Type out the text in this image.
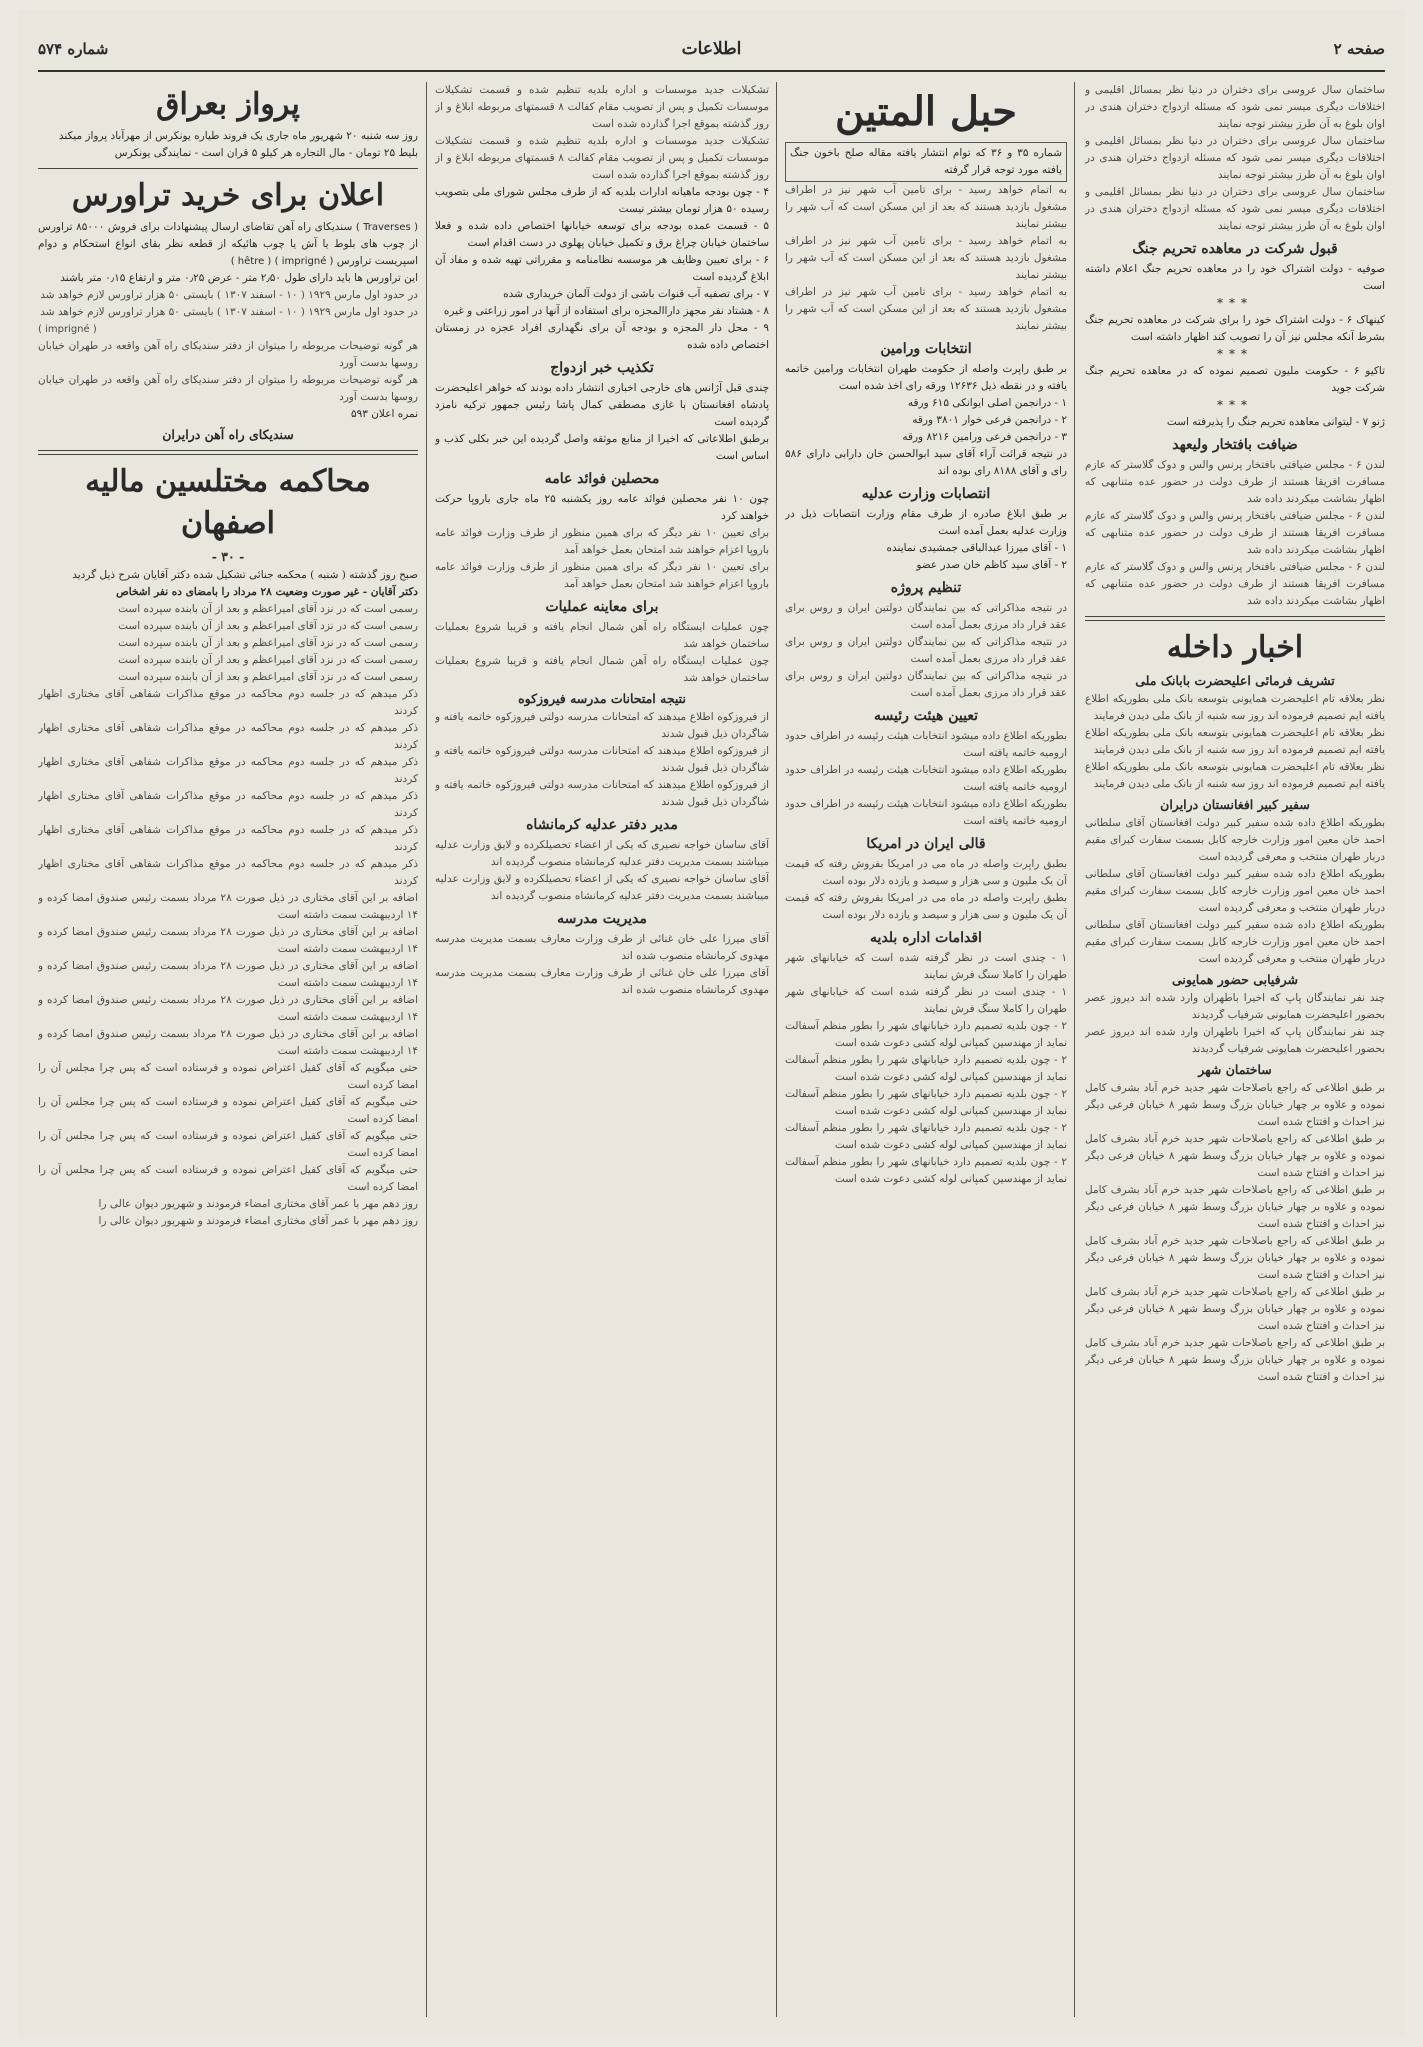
صفحه ۲
اطلاعات
شماره ۵۷۴
ساختمان سال عروسی برای دختران در دنیا نظر بمسائل اقلیمی و اختلافات دیگری میسر نمی شود که مسئله ازدواج دختران هندی در اوان بلوغ به آن طرز بیشتر توجه نمایند
ساختمان سال عروسی برای دختران در دنیا نظر بمسائل اقلیمی و اختلافات دیگری میسر نمی شود که مسئله ازدواج دختران هندی در اوان بلوغ به آن طرز بیشتر توجه نمایند
ساختمان سال عروسی برای دختران در دنیا نظر بمسائل اقلیمی و اختلافات دیگری میسر نمی شود که مسئله ازدواج دختران هندی در اوان بلوغ به آن طرز بیشتر توجه نمایند
قبول شرکت در معاهده تحریم جنگ
صوفیه - دولت اشتراک خود را در معاهده تحریم جنگ اعلام داشته است
***
کینهاک ۶ - دولت اشتراک خود را برای شرکت در معاهده تحریم جنگ بشرط آنکه مجلس نیز آن را تصویب کند اظهار داشته است
***
تاکیو ۶ - حکومت ملیون تصمیم نموده که در معاهده تحریم جنگ شرکت جوید
***
ژنو ۷ - لیتوانی معاهده تحریم جنگ را پذیرفته است
ضیافت بافتخار ولیعهد
لندن ۶ - مجلس ضیافتی بافتخار پرنس والس و دوک گلاستر که عازم مسافرت افریقا هستند از طرف دولت در حضور عده متنابهی که اظهار بشاشت میکردند داده شد
لندن ۶ - مجلس ضیافتی بافتخار پرنس والس و دوک گلاستر که عازم مسافرت افریقا هستند از طرف دولت در حضور عده متنابهی که اظهار بشاشت میکردند داده شد
لندن ۶ - مجلس ضیافتی بافتخار پرنس والس و دوک گلاستر که عازم مسافرت افریقا هستند از طرف دولت در حضور عده متنابهی که اظهار بشاشت میکردند داده شد
اخبار داخله
تشریف فرمائی اعلیحضرت بابانک ملی
نظر بعلاقه تام اعلیحضرت همایونی بتوسعه بانک ملی بطوریکه اطلاع یافته ایم تصمیم فرموده اند روز سه شنبه از بانک ملی دیدن فرمایند
نظر بعلاقه تام اعلیحضرت همایونی بتوسعه بانک ملی بطوریکه اطلاع یافته ایم تصمیم فرموده اند روز سه شنبه از بانک ملی دیدن فرمایند
نظر بعلاقه تام اعلیحضرت همایونی بتوسعه بانک ملی بطوریکه اطلاع یافته ایم تصمیم فرموده اند روز سه شنبه از بانک ملی دیدن فرمایند
سفیر کبیر افغانستان درایران
بطوریکه اطلاع داده شده سفیر کبیر دولت افغانستان آقای سلطانی احمد خان معین امور وزارت خارجه کابل بسمت سفارت کبرای مقیم دربار طهران منتخب و معرفی گردیده است
بطوریکه اطلاع داده شده سفیر کبیر دولت افغانستان آقای سلطانی احمد خان معین امور وزارت خارجه کابل بسمت سفارت کبرای مقیم دربار طهران منتخب و معرفی گردیده است
بطوریکه اطلاع داده شده سفیر کبیر دولت افغانستان آقای سلطانی احمد خان معین امور وزارت خارجه کابل بسمت سفارت کبرای مقیم دربار طهران منتخب و معرفی گردیده است
شرفیابی حضور همایونی
چند نفر نمایندگان پاپ که اخیرا باطهران وارد شده اند دیروز عصر بحضور اعلیحضرت همایونی شرفیاب گردیدند
چند نفر نمایندگان پاپ که اخیرا باطهران وارد شده اند دیروز عصر بحضور اعلیحضرت همایونی شرفیاب گردیدند
ساختمان شهر
بر طبق اطلاعی که راجع باصلاحات شهر جدید خرم آباد بشرف کامل نموده و علاوه بر چهار خیابان بزرگ وسط شهر ۸ خیابان فرعی دیگر نیز احداث و افتتاح شده است
بر طبق اطلاعی که راجع باصلاحات شهر جدید خرم آباد بشرف کامل نموده و علاوه بر چهار خیابان بزرگ وسط شهر ۸ خیابان فرعی دیگر نیز احداث و افتتاح شده است
بر طبق اطلاعی که راجع باصلاحات شهر جدید خرم آباد بشرف کامل نموده و علاوه بر چهار خیابان بزرگ وسط شهر ۸ خیابان فرعی دیگر نیز احداث و افتتاح شده است
بر طبق اطلاعی که راجع باصلاحات شهر جدید خرم آباد بشرف کامل نموده و علاوه بر چهار خیابان بزرگ وسط شهر ۸ خیابان فرعی دیگر نیز احداث و افتتاح شده است
بر طبق اطلاعی که راجع باصلاحات شهر جدید خرم آباد بشرف کامل نموده و علاوه بر چهار خیابان بزرگ وسط شهر ۸ خیابان فرعی دیگر نیز احداث و افتتاح شده است
بر طبق اطلاعی که راجع باصلاحات شهر جدید خرم آباد بشرف کامل نموده و علاوه بر چهار خیابان بزرگ وسط شهر ۸ خیابان فرعی دیگر نیز احداث و افتتاح شده است
حبل المتین
شماره ۳۵ و ۳۶ که توام انتشار یافته مقاله صلح باخون جنگ یافته مورد توجه قرار گرفته
به اتمام خواهد رسید - برای تامین آب شهر نیز در اطراف مشغول بازدید هستند که بعد از این مسکن است که آب شهر را بیشتر نمایند
به اتمام خواهد رسید - برای تامین آب شهر نیز در اطراف مشغول بازدید هستند که بعد از این مسکن است که آب شهر را بیشتر نمایند
به اتمام خواهد رسید - برای تامین آب شهر نیز در اطراف مشغول بازدید هستند که بعد از این مسکن است که آب شهر را بیشتر نمایند
انتخابات ورامین
بر طبق راپرت واصله از حکومت طهران انتخابات ورامین خاتمه یافته و در نقطه ذیل ۱۲۶۳۶ ورقه رای اخذ شده است
۱ - درانجمن اصلی ایوانکی ۶۱۵ ورقه
۲ - درانجمن فرعی خوار ۳۸۰۱ ورقه
۳ - درانجمن فرعی ورامین ۸۲۱۶ ورقه
در نتیجه قرائت آراء آقای سید ابوالحسن خان دارابی دارای ۵۸۶ رای و آقای ۸۱۸۸ رای بوده اند
انتصابات وزارت عدلیه
بر طبق ابلاغ صادره از طرف مقام وزارت انتصابات ذیل در وزارت عدلیه بعمل آمده است
۱ - آقای میرزا عبدالباقی جمشیدی نماینده
۲ - آقای سید کاظم خان صدر عضو
تنظیم پروژه
در نتیجه مذاکراتی که بین نمایندگان دولتین ایران و روس برای عقد قرار داد مرزی بعمل آمده است
در نتیجه مذاکراتی که بین نمایندگان دولتین ایران و روس برای عقد قرار داد مرزی بعمل آمده است
در نتیجه مذاکراتی که بین نمایندگان دولتین ایران و روس برای عقد قرار داد مرزی بعمل آمده است
تعیین هیئت رئیسه
بطوریکه اطلاع داده میشود انتخابات هیئت رئیسه در اطراف حدود ارومیه خاتمه یافته است
بطوریکه اطلاع داده میشود انتخابات هیئت رئیسه در اطراف حدود ارومیه خاتمه یافته است
بطوریکه اطلاع داده میشود انتخابات هیئت رئیسه در اطراف حدود ارومیه خاتمه یافته است
قالی ایران در امریکا
بطبق راپرت واصله در ماه می در امریکا بفروش رفته که قیمت آن یک ملیون و سی هزار و سیصد و یازده دلار بوده است
بطبق راپرت واصله در ماه می در امریکا بفروش رفته که قیمت آن یک ملیون و سی هزار و سیصد و یازده دلار بوده است
اقدامات اداره بلدیه
۱ - چندی است در نظر گرفته شده است که خیابانهای شهر طهران را کاملا سنگ فرش نمایند
۱ - چندی است در نظر گرفته شده است که خیابانهای شهر طهران را کاملا سنگ فرش نمایند
۲ - چون بلدیه تصمیم دارد خیابانهای شهر را بطور منظم آسفالت نماید از مهندسین کمپانی لوله کشی دعوت شده است
۲ - چون بلدیه تصمیم دارد خیابانهای شهر را بطور منظم آسفالت نماید از مهندسین کمپانی لوله کشی دعوت شده است
۲ - چون بلدیه تصمیم دارد خیابانهای شهر را بطور منظم آسفالت نماید از مهندسین کمپانی لوله کشی دعوت شده است
۲ - چون بلدیه تصمیم دارد خیابانهای شهر را بطور منظم آسفالت نماید از مهندسین کمپانی لوله کشی دعوت شده است
۲ - چون بلدیه تصمیم دارد خیابانهای شهر را بطور منظم آسفالت نماید از مهندسین کمپانی لوله کشی دعوت شده است
تشکیلات جدید موسسات و اداره بلدیه تنظیم شده و قسمت تشکیلات موسسات تکمیل و پس از تصویب مقام کفالت ۸ قسمتهای مربوطه ابلاغ و از روز گذشته بموقع اجرا گذارده شده است
تشکیلات جدید موسسات و اداره بلدیه تنظیم شده و قسمت تشکیلات موسسات تکمیل و پس از تصویب مقام کفالت ۸ قسمتهای مربوطه ابلاغ و از روز گذشته بموقع اجرا گذارده شده است
۴ - چون بودجه ماهیانه ادارات بلدیه که از طرف مجلس شورای ملی بتصویب رسیده ۵۰ هزار تومان بیشتر نیست
۵ - قسمت عمده بودجه برای توسعه خیابانها اختصاص داده شده و فعلا ساختمان خیابان چراغ برق و تکمیل خیابان پهلوی در دست اقدام است
۶ - برای تعیین وظایف هر موسسه نظامنامه و مقرراتی تهیه شده و مفاد آن ابلاغ گردیده است
۷ - برای تصفیه آب قنوات باشی از دولت آلمان خریداری شده
۸ - هشتاد نفر مجهز داراالمجزه برای استفاده از آنها در امور زراعتی و غیره
۹ - محل دار المجزه و بودجه آن برای نگهداری افراد عجزه در زمستان اختصاص داده شده
تکذیب خبر ازدواج
چندی قبل آژانس های خارجی اخباری انتشار داده بودند که خواهر اعلیحضرت پادشاه افغانستان با غازی مصطفی کمال پاشا رئیس جمهور ترکیه نامزد گردیده است
برطبق اطلاعاتی که اخیرا از منابع موثقه واصل گردیده این خبر بکلی کذب و اساس است
محصلین فوائد عامه
چون ۱۰ نفر محصلین فوائد عامه روز یکشنبه ۲۵ ماه جاری باروپا حرکت خواهند کرد
برای تعیین ۱۰ نفر دیگر که برای همین منظور از طرف وزارت فوائد عامه باروپا اعزام خواهند شد امتحان بعمل خواهد آمد
برای تعیین ۱۰ نفر دیگر که برای همین منظور از طرف وزارت فوائد عامه باروپا اعزام خواهند شد امتحان بعمل خواهد آمد
برای معاینه عملیات
چون عملیات ایستگاه راه آهن شمال انجام یافته و قریبا شروع بعملیات ساختمان خواهد شد
چون عملیات ایستگاه راه آهن شمال انجام یافته و قریبا شروع بعملیات ساختمان خواهد شد
نتیجه امتحانات مدرسه فیروزکوه
از فیروزکوه اطلاع میدهند که امتحانات مدرسه دولتی فیروزکوه خاتمه یافته و شاگردان ذیل قبول شدند
از فیروزکوه اطلاع میدهند که امتحانات مدرسه دولتی فیروزکوه خاتمه یافته و شاگردان ذیل قبول شدند
از فیروزکوه اطلاع میدهند که امتحانات مدرسه دولتی فیروزکوه خاتمه یافته و شاگردان ذیل قبول شدند
مدیر دفتر عدلیه کرمانشاه
آقای ساسان خواجه نصیری که یکی از اعضاء تحصیلکرده و لایق وزارت عدلیه میباشند بسمت مدیریت دفتر عدلیه کرمانشاه منصوب گردیده اند
آقای ساسان خواجه نصیری که یکی از اعضاء تحصیلکرده و لایق وزارت عدلیه میباشند بسمت مدیریت دفتر عدلیه کرمانشاه منصوب گردیده اند
مدیریت مدرسه
آقای میرزا علی خان غنائی از طرف وزارت معارف بسمت مدیریت مدرسه مهدوی کرمانشاه منصوب شده اند
آقای میرزا علی خان غنائی از طرف وزارت معارف بسمت مدیریت مدرسه مهدوی کرمانشاه منصوب شده اند
پرواز بعراق
روز سه شنبه ۲۰ شهریور ماه جاری یک فروند طیاره یونکرس از مهرآباد پرواز میکند
بلیط ۲۵ تومان - مال التجاره هر کیلو ۵ قران است - نمایندگی یونکرس
اعلان برای خرید تراورس
( Traverses ) سندیکای راه آهن تقاضای ارسال پیشنهادات برای فروش ۸۵۰۰۰ تراورس از چوب های بلوط یا آش یا چوب هائیکه از قطعه نظر بقای انواع استحکام و دوام اسپریست تراورس ( hêtre ) ( imprigné )
این تراورس ها باید دارای طول ۲٫۵۰ متر - عرض ۰٫۲۵ متر و ارتفاع ۰٫۱۵ متر باشند
در حدود اول مارس ۱۹۲۹ ( ۱۰ - اسفند ۱۳۰۷ ) بایستی ۵۰ هزار تراورس لازم خواهد شد
در حدود اول مارس ۱۹۲۹ ( ۱۰ - اسفند ۱۳۰۷ ) بایستی ۵۰ هزار تراورس لازم خواهد شد
( imprigné )
هر گونه توضیحات مربوطه را میتوان از دفتر سندیکای راه آهن واقعه در طهران خیابان روسها بدست آورد
هر گونه توضیحات مربوطه را میتوان از دفتر سندیکای راه آهن واقعه در طهران خیابان روسها بدست آورد
نمره اعلان ۵۹۳
سندیکای راه آهن درایران
محاکمه مختلسین مالیه اصفهان
- ۳۰ -
صبح روز گذشته ( شنبه ) محکمه جنائی تشکیل شده دکتر آقایان شرح ذیل گردید
دکتر آقایان - غیر صورت وضعیت ۲۸ مرداد را بامضای ده نفر اشخاص
رسمی است که در نزد آقای امیراعظم و بعد از آن بابنده سپرده است
رسمی است که در نزد آقای امیراعظم و بعد از آن بابنده سپرده است
رسمی است که در نزد آقای امیراعظم و بعد از آن بابنده سپرده است
رسمی است که در نزد آقای امیراعظم و بعد از آن بابنده سپرده است
رسمی است که در نزد آقای امیراعظم و بعد از آن بابنده سپرده است
ذکر میدهم که در جلسه دوم محاکمه در موقع مذاکرات شفاهی آقای مختاری اظهار کردند
ذکر میدهم که در جلسه دوم محاکمه در موقع مذاکرات شفاهی آقای مختاری اظهار کردند
ذکر میدهم که در جلسه دوم محاکمه در موقع مذاکرات شفاهی آقای مختاری اظهار کردند
ذکر میدهم که در جلسه دوم محاکمه در موقع مذاکرات شفاهی آقای مختاری اظهار کردند
ذکر میدهم که در جلسه دوم محاکمه در موقع مذاکرات شفاهی آقای مختاری اظهار کردند
ذکر میدهم که در جلسه دوم محاکمه در موقع مذاکرات شفاهی آقای مختاری اظهار کردند
اضافه بر این آقای مختاری در ذیل صورت ۲۸ مرداد بسمت رئیس صندوق امضا کرده و ۱۴ اردیبهشت سمت داشته است
اضافه بر این آقای مختاری در ذیل صورت ۲۸ مرداد بسمت رئیس صندوق امضا کرده و ۱۴ اردیبهشت سمت داشته است
اضافه بر این آقای مختاری در ذیل صورت ۲۸ مرداد بسمت رئیس صندوق امضا کرده و ۱۴ اردیبهشت سمت داشته است
اضافه بر این آقای مختاری در ذیل صورت ۲۸ مرداد بسمت رئیس صندوق امضا کرده و ۱۴ اردیبهشت سمت داشته است
اضافه بر این آقای مختاری در ذیل صورت ۲۸ مرداد بسمت رئیس صندوق امضا کرده و ۱۴ اردیبهشت سمت داشته است
حتی میگویم که آقای کفیل اعتراض نموده و فرستاده است که پس چرا مجلس آن را امضا کرده است
حتی میگویم که آقای کفیل اعتراض نموده و فرستاده است که پس چرا مجلس آن را امضا کرده است
حتی میگویم که آقای کفیل اعتراض نموده و فرستاده است که پس چرا مجلس آن را امضا کرده است
حتی میگویم که آقای کفیل اعتراض نموده و فرستاده است که پس چرا مجلس آن را امضا کرده است
روز دهم مهر با عمر آقای مختاری امضاء فرمودند و شهریور دیوان عالی را
روز دهم مهر با عمر آقای مختاری امضاء فرمودند و شهریور دیوان عالی را
